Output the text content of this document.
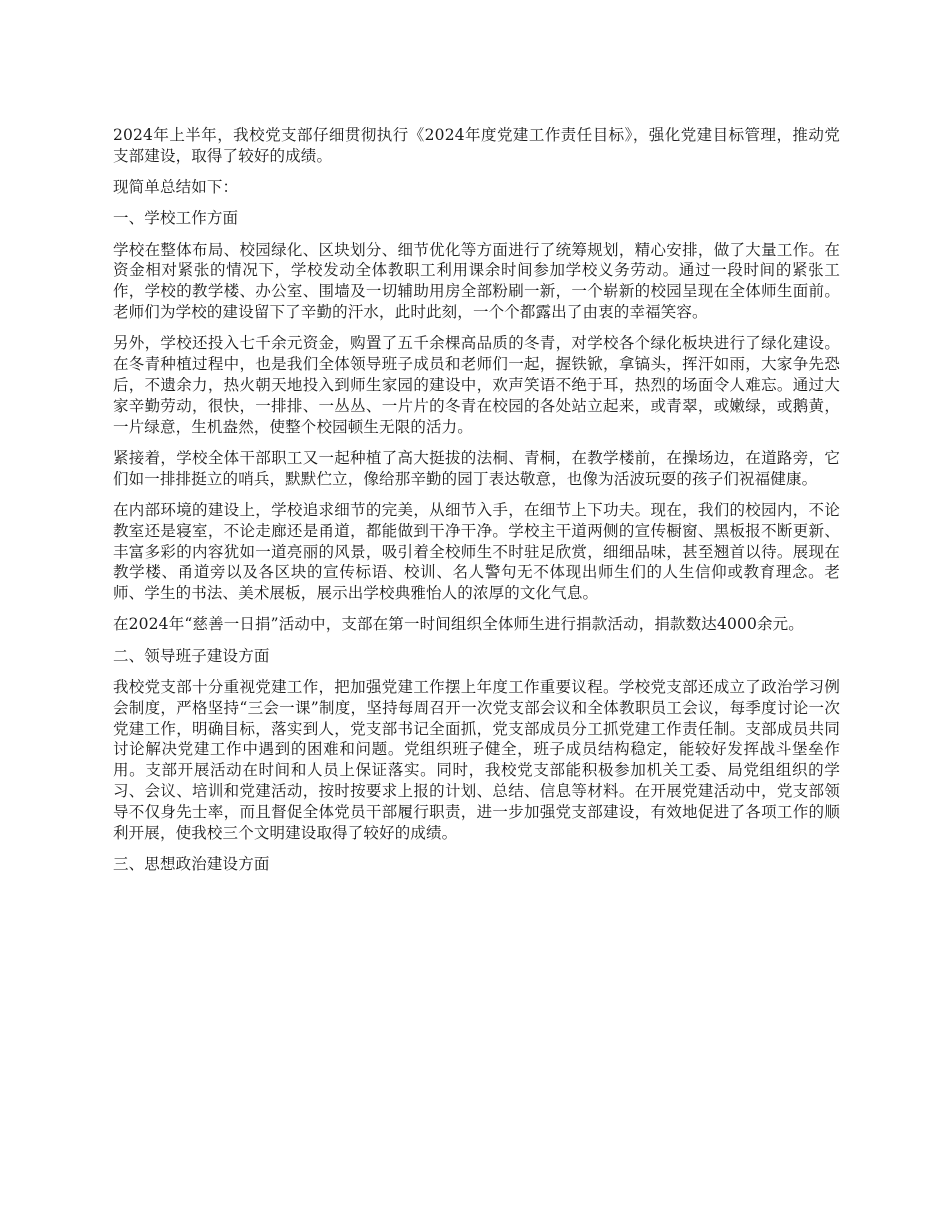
2024年上半年，我校党支部仔细贯彻执行《2024年度党建工作责任目标》，强化党建目标管理，推动党支部建设，取得了较好的成绩。

现简单总结如下：

一、学校工作方面

学校在整体布局、校园绿化、区块划分、细节优化等方面进行了统筹规划，精心安排，做了大量工作。在资金相对紧张的情况下，学校发动全体教职工利用课余时间参加学校义务劳动。通过一段时间的紧张工作，学校的教学楼、办公室、围墙及一切辅助用房全部粉刷一新，一个崭新的校园呈现在全体师生面前。老师们为学校的建设留下了辛勤的汗水，此时此刻，一个个都露出了由衷的幸福笑容。

另外，学校还投入七千余元资金，购置了五千余棵高品质的冬青，对学校各个绿化板块进行了绿化建设。在冬青种植过程中，也是我们全体领导班子成员和老师们一起，握铁锨，拿镐头，挥汗如雨，大家争先恐后，不遗余力，热火朝天地投入到师生家园的建设中，欢声笑语不绝于耳，热烈的场面令人难忘。通过大家辛勤劳动，很快，一排排、一丛丛、一片片的冬青在校园的各处站立起来，或青翠，或嫩绿，或鹅黄，一片绿意，生机盎然，使整个校园顿生无限的活力。

紧接着，学校全体干部职工又一起种植了高大挺拔的法桐、青桐，在教学楼前，在操场边，在道路旁，它们如一排排挺立的哨兵，默默伫立，像给那辛勤的园丁表达敬意，也像为活波玩耍的孩子们祝福健康。

在内部环境的建设上，学校追求细节的完美，从细节入手，在细节上下功夫。现在，我们的校园内，不论教室还是寝室，不论走廊还是甬道，都能做到干净干净。学校主干道两侧的宣传橱窗、黑板报不断更新、丰富多彩的内容犹如一道亮丽的风景，吸引着全校师生不时驻足欣赏，细细品味，甚至翘首以待。展现在教学楼、甬道旁以及各区块的宣传标语、校训、名人警句无不体现出师生们的人生信仰或教育理念。老师、学生的书法、美术展板，展示出学校典雅怡人的浓厚的文化气息。

在2024年“慈善一日捐”活动中，支部在第一时间组织全体师生进行捐款活动，捐款数达4000余元。

二、领导班子建设方面

我校党支部十分重视党建工作，把加强党建工作摆上年度工作重要议程。学校党支部还成立了政治学习例会制度，严格坚持“三会一课”制度，坚持每周召开一次党支部会议和全体教职员工会议，每季度讨论一次党建工作，明确目标，落实到人，党支部书记全面抓，党支部成员分工抓党建工作责任制。支部成员共同讨论解决党建工作中遇到的困难和问题。党组织班子健全，班子成员结构稳定，能较好发挥战斗堡垒作用。支部开展活动在时间和人员上保证落实。同时，我校党支部能积极参加机关工委、局党组组织的学习、会议、培训和党建活动，按时按要求上报的计划、总结、信息等材料。在开展党建活动中，党支部领导不仅身先士率，而且督促全体党员干部履行职责，进一步加强党支部建设，有效地促进了各项工作的顺利开展，使我校三个文明建设取得了较好的成绩。

三、思想政治建设方面
